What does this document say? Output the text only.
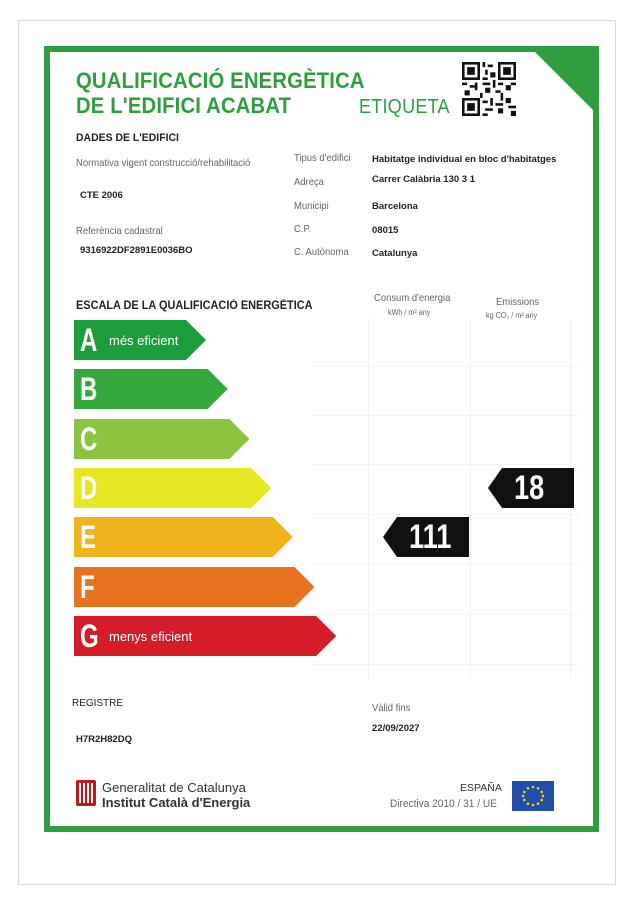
QUALIFICACIÓ ENERGÈTICA
DE L'EDIFICI ACABAT	ETIQUETA
DADES DE L'EDIFICI
Normativa vigent construcció/rehabilitació
CTE 2006
Referència cadastral
9316922DF2891E0036BO
Tipus d'edifici Habitatge individual en bloc d'habitatges
Adreça	Carrer Calàbria 130 3 1
Municipi	Barcelona
C.P.	08015
C. Autònoma Catalunya
ESCALA DE LA QUALIFICACIÓ ENERGÈTICA
Consum d'energia
kWh / m² any
Emissions
kg CO₂ / m² any
A més eficient
B
C
D
E
F
G menys eficient
111
18
REGISTRE
H7R2H82DQ
Vàlid fins
22/09/2027
Generalitat de Catalunya
Institut Català d'Energia
ESPAÑA
Directiva 2010 / 31 / UE
